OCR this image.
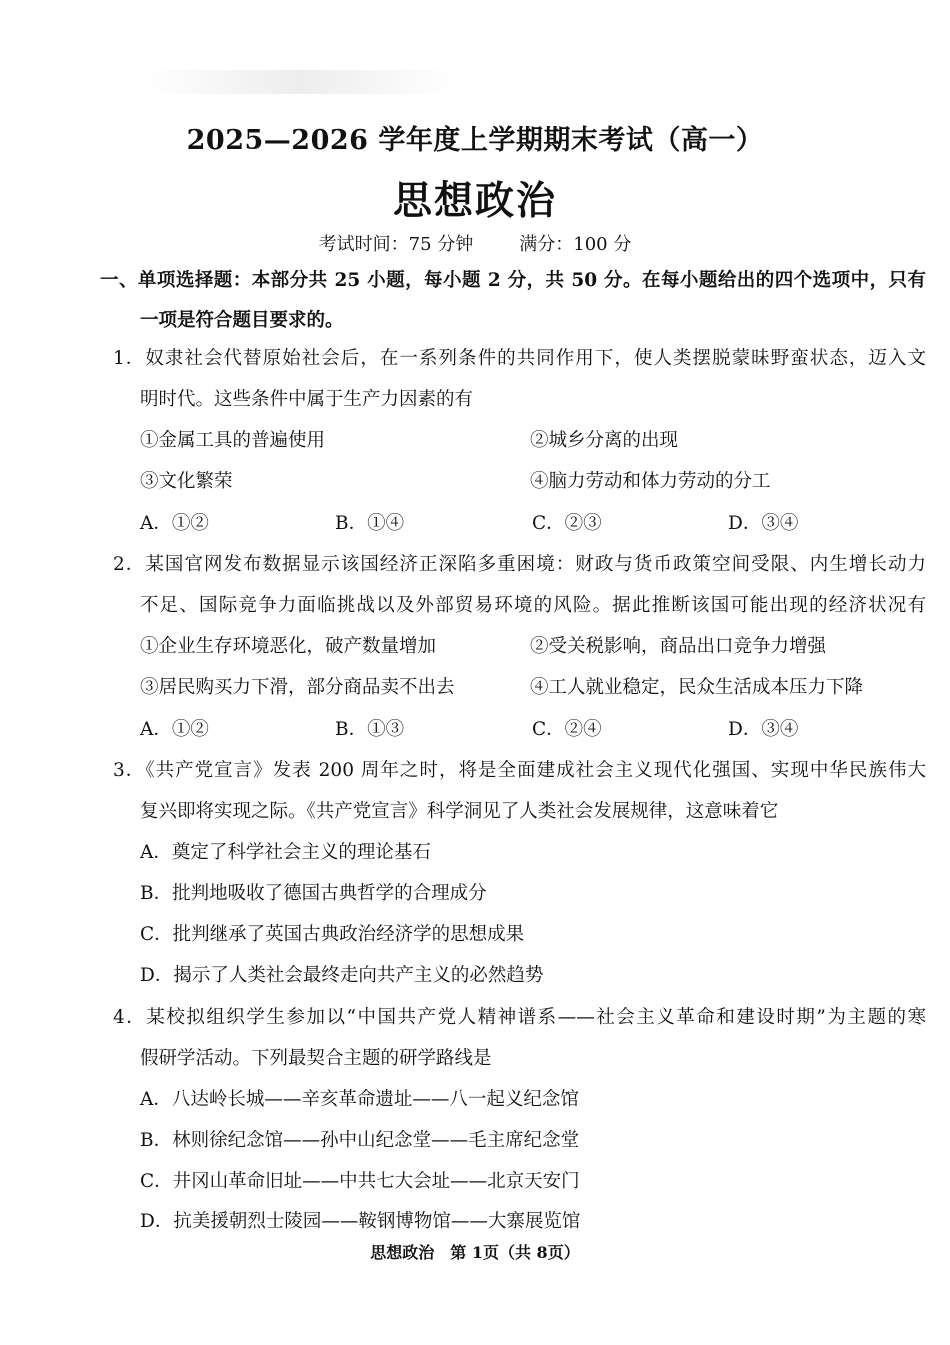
2025—2026 学年度上学期期末考试（高一）
思想政治
考试时间：75 分钟	满分：100 分
一、单项选择题：本部分共 25 小题，每小题 2 分，共 50 分。在每小题给出的四个选项中，只有
一项是符合题目要求的。
1．奴隶社会代替原始社会后，在一系列条件的共同作用下，使人类摆脱蒙昧野蛮状态，迈入文
明时代。这些条件中属于生产力因素的有
①金属工具的普遍使用	②城乡分离的出现
③文化繁荣	④脑力劳动和体力劳动的分工
A．①②	B．①④	C．②③	D．③④
2．某国官网发布数据显示该国经济正深陷多重困境：财政与货币政策空间受限、内生增长动力
不足、国际竞争力面临挑战以及外部贸易环境的风险。据此推断该国可能出现的经济状况有
①企业生存环境恶化，破产数量增加	②受关税影响，商品出口竞争力增强
③居民购买力下滑，部分商品卖不出去	④工人就业稳定，民众生活成本压力下降
A．①②	B．①③	C．②④	D．③④
3．《共产党宣言》发表 200 周年之时，将是全面建成社会主义现代化强国、实现中华民族伟大
复兴即将实现之际。《共产党宣言》科学洞见了人类社会发展规律，这意味着它
A．奠定了科学社会主义的理论基石
B．批判地吸收了德国古典哲学的合理成分
C．批判继承了英国古典政治经济学的思想成果
D．揭示了人类社会最终走向共产主义的必然趋势
4．某校拟组织学生参加以“中国共产党人精神谱系——社会主义革命和建设时期”为主题的寒
假研学活动。下列最契合主题的研学路线是
A．八达岭长城——辛亥革命遗址——八一起义纪念馆
B．林则徐纪念馆——孙中山纪念堂——毛主席纪念堂
C．井冈山革命旧址——中共七大会址——北京天安门
D．抗美援朝烈士陵园——鞍钢博物馆——大寨展览馆
思想政治　第 1页（共 8页）
